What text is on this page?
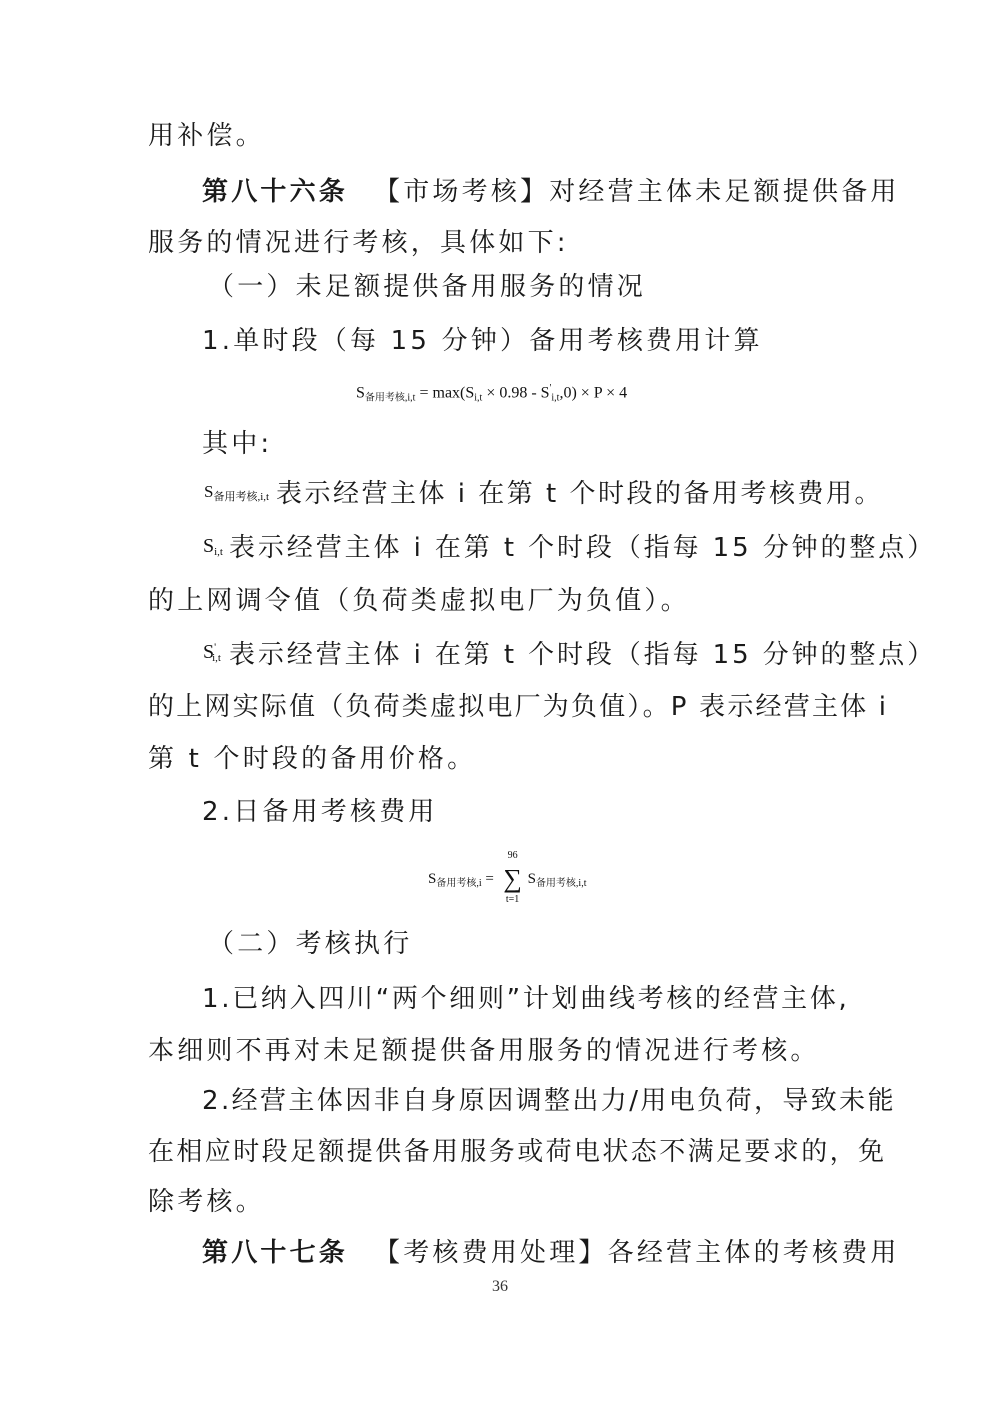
用补偿。
第八十六条 【市场考核】对经营主体未足额提供备用
服务的情况进行考核，具体如下:
（一）未足额提供备用服务的情况
1.单时段（每 15 分钟）备用考核费用计算
$S_{备用考核,i,t} = \max(S_{i,t} \times 0.98 - S'_{i,t},0) \times P \times 4$
其中:
$S_{备用考核,i,t}$ 表示经营主体 i 在第 t 个时段的备用考核费用。
$S_{i,t}$ 表示经营主体 i 在第 t 个时段（指每 15 分钟的整点）
的上网调令值（负荷类虚拟电厂为负值）。
$S'_{i,t}$ 表示经营主体 i 在第 t 个时段（指每 15 分钟的整点）
的上网实际值（负荷类虚拟电厂为负值）。P 表示经营主体 i
第 t 个时段的备用价格。
2.日备用考核费用
$S_{备用考核,i}$ =
96
∑
t=1
$S_{备用考核,i,t}$
（二）考核执行
1.已纳入四川“两个细则”计划曲线考核的经营主体,
本细则不再对未足额提供备用服务的情况进行考核。
2.经营主体因非自身原因调整出力/用电负荷，导致未能
在相应时段足额提供备用服务或荷电状态不满足要求的，免
除考核。
第八十七条 【考核费用处理】各经营主体的考核费用
36
